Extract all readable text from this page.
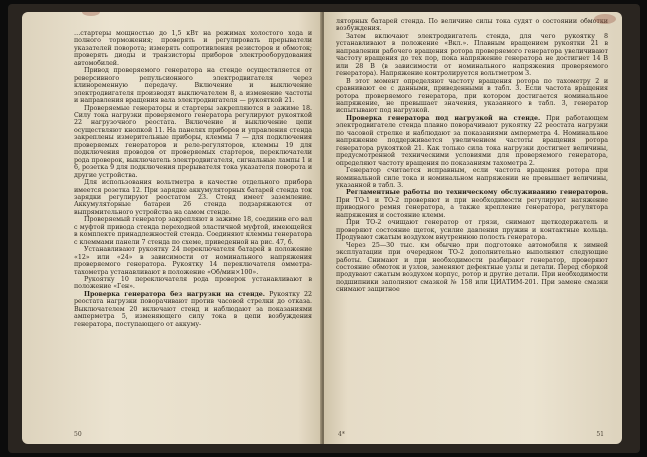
…стартеры мощностью до 1,5 кВт на режимах холостого хода и полного торможения; проверять и регулировать прерыватели указателей поворота; измерять сопротивления резисторов и обмоток; проверять диоды и транзисторы приборов электрооборудования автомобилей.

Привод проверяемого генератора на стенде осуществляется от реверсивного репульсионного электродвигателя через клиноременную передачу. Включение и выключение электродвигателя производят выключателем 8, а изменение частоты и направления вращения вала электродвигателя — рукояткой 21.

Проверяемые генераторы и стартеры закрепляются в зажиме 18. Силу тока нагрузки проверяемого генератора регулируют рукояткой 22 нагрузочного реостата. Включение и выключение цепи осуществляют кнопкой 11. На панелях приборов и управления стенда закреплены измерительные приборы, клеммы 7 — для подключения проверяемых генераторов и реле-регуляторов, клеммы 19 для подключения проводов от проверяемых стартеров, переключатели рода проверок, выключатель электродвигателя, сигнальные лампы 1 и 6, розетка 9 для подключения прерывателя тока указателя поворота и другие устройства.

Для использования вольтметра в качестве отдельного прибора имеется розетка 12. При зарядке аккумуляторных батарей стенда ток зарядки регулируют реостатом 23. Стенд имеет заземление. Аккумуляторные батареи 26 стенда подзаряжаются от выпрямительного устройства на самом стенде.

Проверяемый генератор закрепляют в зажиме 18, соединив его вал с муфтой привода стенда переходной эластичной муфтой, имеющейся в комплекте принадлежностей стенда. Соединяют клеммы генератора с клеммами панели 7 стенда по схеме, приведенной на рис. 47, б.

Устанавливают рукоятку 24 переключателя батарей в положение «12» или «24» в зависимости от номинального напряжения проверяемого генератора. Рукоятку 14 переключателя омметра-тахометра устанавливают в положение «Об/мин×100».

Рукоятку 10 переключателя рода проверок устанавливают в положение «Ген».

Проверка генератора без нагрузки на стенде. Рукоятку 22 реостата нагрузки поворачивают против часовой стрелки до отказа. Выключателем 20 включают стенд и наблюдают за показаниями амперметра 5, изменяющего силу тока в цепи возбуждения генератора, поступающего от аккуму-

50

ляторных батарей стенда. По величине силы тока судят о состоянии обмотки возбуждения.

Затем включают электродвигатель стенда, для чего рукоятку 8 устанавливают в положение «Вкл.». Плавным вращением рукоятки 21 в направлении рабочего вращения ротора проверяемого генератора увеличивают частоту вращения до тех пор, пока напряжение генератора не достигнет 14 В или 28 В (в зависимости от номинального напряжения проверяемого генератора). Напряжение контролируется вольтметром 3.

В этот момент определяют частоту вращения ротора по тахометру 2 и сравнивают ее с данными, приведенными в табл. 3. Если частота вращения ротора проверяемого генератора, при котором достигается номинальное напряжение, не превышает значения, указанного в табл. 3, генератор испытывают под нагрузкой.

Проверка генератора под нагрузкой на стенде. При работающем электродвигателе стенда плавно поворачивают рукоятку 22 реостата нагрузки по часовой стрелке и наблюдают за показаниями амперметра 4. Номинальное напряжение поддерживается увеличением частоты вращения ротора генератора рукояткой 21. Как только сила тока нагрузки достигнет величины, предусмотренной техническими условиями для проверяемого генератора, определяют частоту вращения по показаниям тахометра 2.

Генератор считается исправным, если частота вращения ротора при номинальной силе тока и номинальном напряжении не превышает величины, указанной в табл. 3.

Регламентные работы по техническому обслуживанию генераторов. При ТО-1 и ТО-2 проверяют и при необходимости регулируют натяжение приводного ремня генератора, а также крепление генератора, регулятора напряжения и состояние клемм.

При ТО-2 очищают генератор от грязи, снимают щеткодержатель и проверяют состояние щеток, усилие давления пружин и контактные кольца. Продувают сжатым воздухом внутреннюю полость генератора.

Через 25—30 тыс. км обычно при подготовке автомобиля к зимней эксплуатации при очередном ТО-2 дополнительно выполняют следующие работы. Снимают и при необходимости разбирают генератор, проверяют состояние обмоток и узлов, заменяют дефектные узлы и детали. Перед сборкой продувают сжатым воздухом корпус, ротор и другие детали. При необходимости подшипники заполняют смазкой № 158 или ЦИАТИМ-201. При замене смазки снимают защитное

4*	51
